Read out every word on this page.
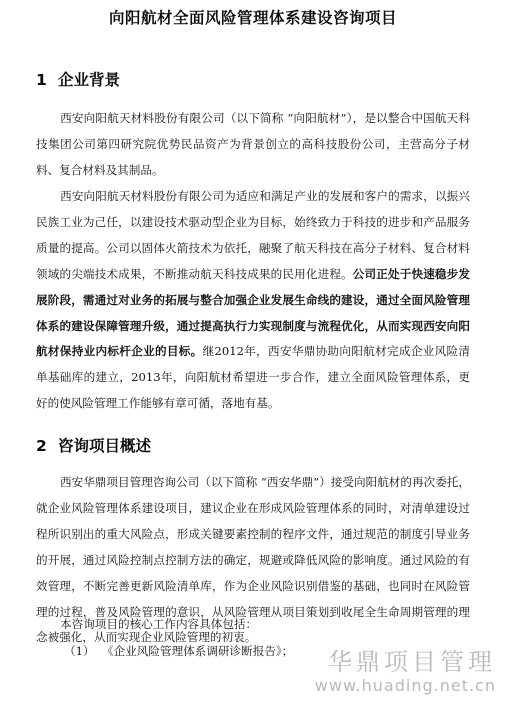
向阳航材全面风险管理体系建设咨询项目
1 企业背景
西安向阳航天材料股份有限公司（以下简称 “向阳航材”），是以整合中国航天科技集团公司第四研究院优势民品资产为背景创立的高科技股份公司，主营高分子材料、复合材料及其制品。
西安向阳航天材料股份有限公司为适应和满足产业的发展和客户的需求，以振兴民族工业为己任，以建设技术驱动型企业为目标，始终致力于科技的进步和产品服务质量的提高。公司以固体火箭技术为依托，融聚了航天科技在高分子材料、复合材料领域的尖端技术成果，不断推动航天科技成果的民用化进程。公司正处于快速稳步发展阶段，需通过对业务的拓展与整合加强企业发展生命线的建设，通过全面风险管理体系的建设保障管理升级，通过提高执行力实现制度与流程优化，从而实现西安向阳航材保持业内标杆企业的目标。继2012年，西安华鼎协助向阳航材完成企业风险清单基础库的建立，2013年，向阳航材希望进一步合作，建立全面风险管理体系，更好的使风险管理工作能够有章可循，落地有基。
2 咨询项目概述
西安华鼎项目管理咨询公司（以下简称 “西安华鼎”）接受向阳航材的再次委托，就企业风险管理体系建设项目，建议企业在形成风险管理体系的同时，对清单建设过程所识别出的重大风险点，形成关键要素控制的程序文件，通过规范的制度引导业务的开展，通过风险控制点控制方法的确定，规避或降低风险的影响度。通过风险的有效管理，不断完善更新风险清单库，作为企业风险识别借鉴的基础，也同时在风险管理的过程，普及风险管理的意识，从风险管理从项目策划到收尾全生命周期管理的理念被强化，从而实现企业风险管理的初衷。
本咨询项目的核心工作内容具体包括：
（1） 《企业风险管理体系调研诊断报告》；	华鼎项目管理
www.huading.net.cn
